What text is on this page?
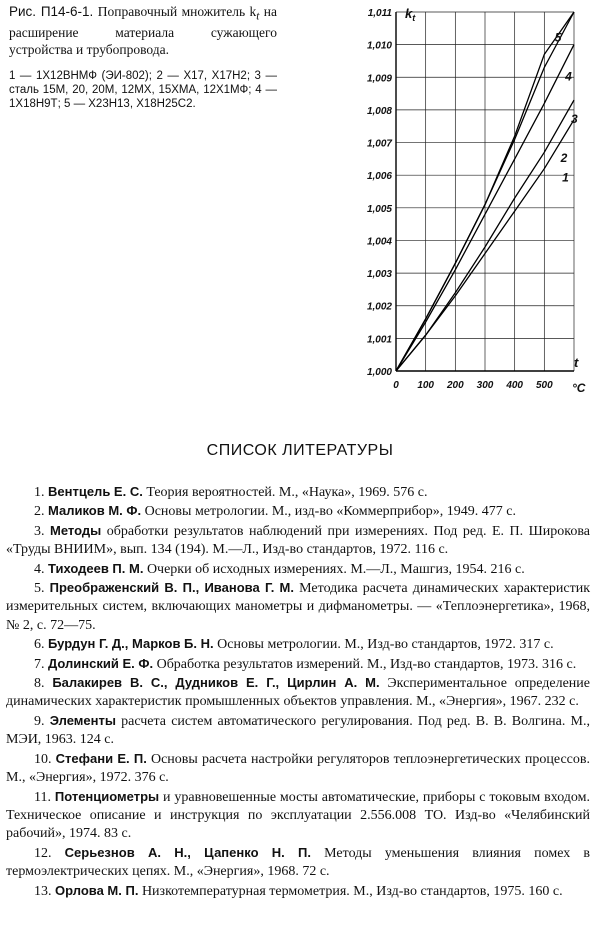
Рис. П14-6-1. Поправочный множитель $k_t$ на расширение материала сужающего устройства и трубопровода.
1 — 1Х12ВНМФ (ЭИ-802); 2 — Х17, Х17Н2; 3 — сталь 15М, 20, 20М, 12МХ, 15ХМА, 12Х1МФ; 4 — 1Х18Н9Т; 5 — Х23Н13, Х18Н25С2.
1
2
3
4
5
1,000
1,001
1,002
1,003
1,004
1,005
1,006
1,007
1,008
1,009
1,010
1,011
0 100 200 300 400 500
$k_t$
t
°С
СПИСОК ЛИТЕРАТУРЫ

1. Вентцель Е. С. Теория вероятностей. М., «Наука», 1969. 576 с.

2. Маликов М. Ф. Основы метрологии. М., изд-во «Коммерприбор», 1949. 477 с.

3. Методы обработки результатов наблюдений при измерениях. Под ред. Е. П. Широкова «Труды ВНИИМ», вып. 134 (194). М.—Л., Изд-во стандартов, 1972. 116 с.

4. Тиходеев П. М. Очерки об исходных измерениях. М.—Л., Машгиз, 1954. 216 с.

5. Преображенский В. П., Иванова Г. М. Методика расчета динамических характеристик измерительных систем, включающих манометры и дифманометры. — «Теплоэнергетика», 1968, № 2, с. 72—75.

6. Бурдун Г. Д., Марков Б. Н. Основы метрологии. М., Изд-во стандартов, 1972. 317 с.

7. Долинский Е. Ф. Обработка результатов измерений. М., Изд-во стандартов, 1973. 316 с.

8. Балакирев В. С., Дудников Е. Г., Цирлин А. М. Экспериментальное определение динамических характеристик промышленных объектов управления. М., «Энергия», 1967. 232 с.

9. Элементы расчета систем автоматического регулирования. Под ред. В. В. Волгина. М., МЭИ, 1963. 124 с.

10. Стефани Е. П. Основы расчета настройки регуляторов теплоэнергетических процессов. М., «Энергия», 1972. 376 с.

11. Потенциометры и уравновешенные мосты автоматические, приборы с токовым входом. Техническое описание и инструкция по эксплуатации 2.556.008 ТО. Изд-во «Челябинский рабочий», 1974. 83 с.

12. Серьезнов А. Н., Цапенко Н. П. Методы уменьшения влияния помех в термоэлектрических цепях. М., «Энергия», 1968. 72 с.

13. Орлова М. П. Низкотемпературная термометрия. М., Изд-во стандартов, 1975. 160 с.
